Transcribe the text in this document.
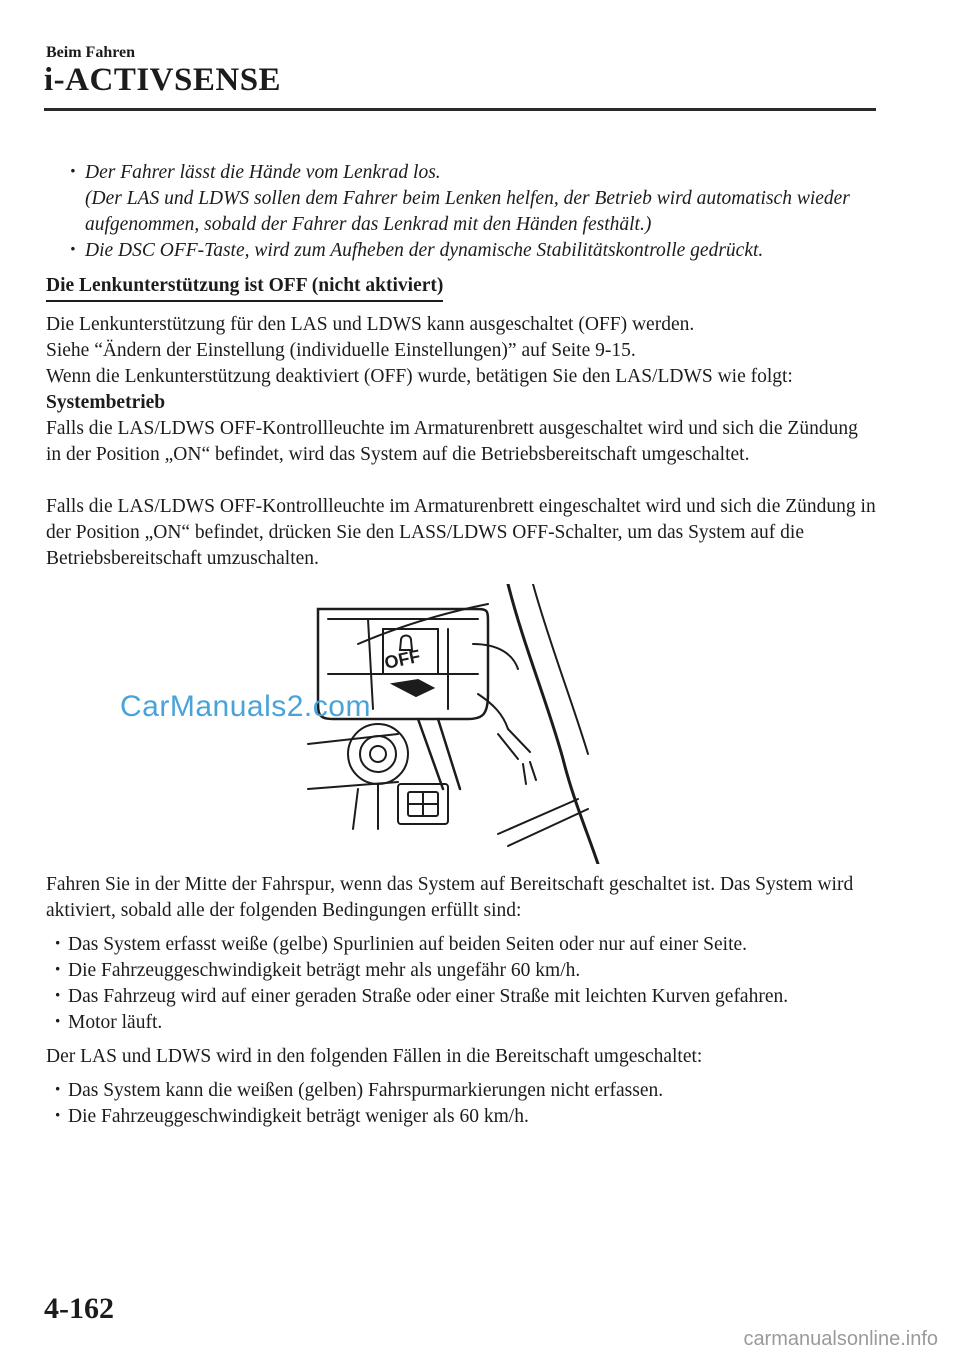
Beim Fahren
i-ACTIVSENSE
· Der Fahrer lässt die Hände vom Lenkrad los.
(Der LAS und LDWS sollen dem Fahrer beim Lenken helfen, der Betrieb wird automatisch wieder aufgenommen, sobald der Fahrer das Lenkrad mit den Händen festhält.)
· Die DSC OFF-Taste, wird zum Aufheben der dynamische Stabilitätskontrolle gedrückt.
Die Lenkunterstützung ist OFF (nicht aktiviert)

Die Lenkunterstützung für den LAS und LDWS kann ausgeschaltet (OFF) werden.

Siehe “Ändern der Einstellung (individuelle Einstellungen)” auf Seite 9-15.

Wenn die Lenkunterstützung deaktiviert (OFF) wurde, betätigen Sie den LAS/LDWS wie folgt:

Systembetrieb

Falls die LAS/LDWS OFF-Kontrollleuchte im Armaturenbrett ausgeschaltet wird und sich die Zündung in der Position „ON“ befindet, wird das System auf die Betriebsbereitschaft umgeschaltet.

Falls die LAS/LDWS OFF-Kontrollleuchte im Armaturenbrett eingeschaltet wird und sich die Zündung in der Position „ON“ befindet, drücken Sie den LASS/LDWS OFF-Schalter, um das System auf die Betriebsbereitschaft umzuschalten.

OFF

Fahren Sie in der Mitte der Fahrspur, wenn das System auf Bereitschaft geschaltet ist. Das System wird aktiviert, sobald alle der folgenden Bedingungen erfüllt sind:

· Das System erfasst weiße (gelbe) Spurlinien auf beiden Seiten oder nur auf einer Seite.
· Die Fahrzeuggeschwindigkeit beträgt mehr als ungefähr 60 km/h.
· Das Fahrzeug wird auf einer geraden Straße oder einer Straße mit leichten Kurven gefahren.
· Motor läuft.

Der LAS und LDWS wird in den folgenden Fällen in die Bereitschaft umgeschaltet:

· Das System kann die weißen (gelben) Fahrspurmarkierungen nicht erfassen.
· Die Fahrzeuggeschwindigkeit beträgt weniger als 60 km/h.
CarManuals2.com
4-162
carmanualsonline.info
